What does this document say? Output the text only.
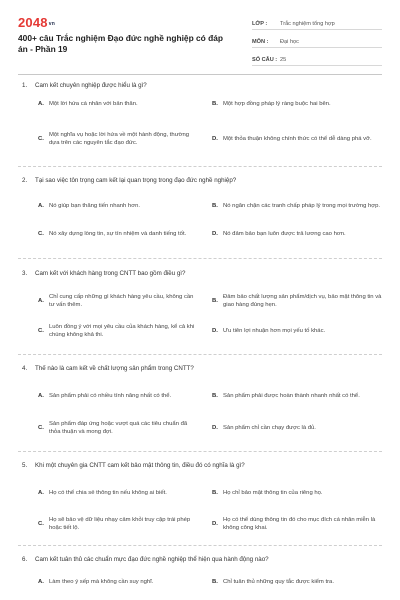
2048vn
400+ câu Trắc nghiệm Đạo đức nghề nghiệp có đáp án - Phần 19
LỚP :	Trắc nghiệm tổng hợp
MÔN :	Đại học
SỐ CÂU : 25
1. Cam kết chuyên nghiệp được hiểu là gì?
A. Một lời hứa cá nhân với bản thân.	B. Một hợp đồng pháp lý ràng buộc hai bên.
C.
Một nghĩa vụ hoặc lời hứa về một hành động, thường dựa trên các nguyên tắc đạo đức.
D. Một thỏa thuận không chính thức có thể dễ dàng phá vỡ.
2. Tại sao việc tôn trọng cam kết lại quan trọng trong đạo đức nghề nghiệp?
A. Nó giúp bạn thăng tiến nhanh hơn.	B. Nó ngăn chặn các tranh chấp pháp lý trong mọi trường hợp.
C. Nó xây dựng lòng tin, sự tín nhiệm và danh tiếng tốt.	D. Nó đảm bảo bạn luôn được trả lương cao hơn.
3. Cam kết với khách hàng trong CNTT bao gồm điều gì?
A.
Chỉ cung cấp những gì khách hàng yêu cầu, không cần tư vấn thêm.
B.
Đảm bảo chất lượng sản phẩm/dịch vụ, bảo mật thông tin và giao hàng đúng hẹn.
C.
Luôn đồng ý với mọi yêu cầu của khách hàng, kể cả khi chúng không khả thi.
D. Ưu tiên lợi nhuận hơn mọi yếu tố khác.
4. Thế nào là cam kết về chất lượng sản phẩm trong CNTT?
A. Sản phẩm phải có nhiều tính năng nhất có thể.	B. Sản phẩm phải được hoàn thành nhanh nhất có thể.
C.
Sản phẩm đáp ứng hoặc vượt quá các tiêu chuẩn đã thỏa thuận và mong đợi.
D. Sản phẩm chỉ cần chạy được là đủ.
5. Khi một chuyên gia CNTT cam kết bảo mật thông tin, điều đó có nghĩa là gì?
A. Họ có thể chia sẻ thông tin nếu không ai biết.	B. Họ chỉ bảo mật thông tin của riêng họ.
C.
Họ sẽ bảo vệ dữ liệu nhạy cảm khỏi truy cập trái phép hoặc tiết lộ.
D.
Họ có thể dùng thông tin đó cho mục đích cá nhân miễn là không công khai.
6. Cam kết tuân thủ các chuẩn mực đạo đức nghề nghiệp thể hiện qua hành động nào?
A. Làm theo ý sếp mà không cần suy nghĩ.	B. Chỉ tuân thủ những quy tắc được kiểm tra.
